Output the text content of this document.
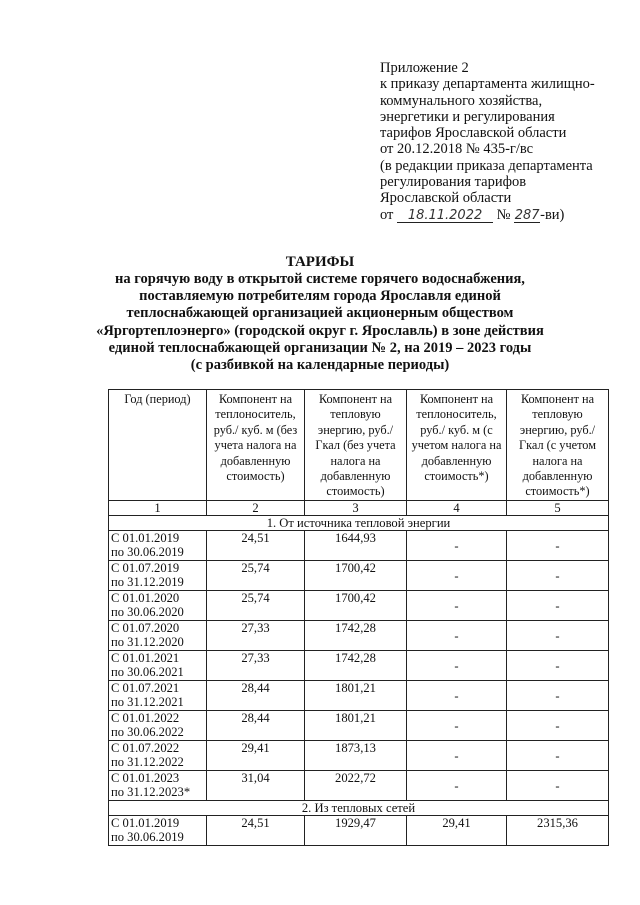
Приложение 2
к приказу департамента жилищно-
коммунального хозяйства,
энергетики и регулирования
тарифов Ярославской области
от 20.12.2018 № 435-г/вс
(в редакции приказа департамента
регулирования тарифов
Ярославской области
от 18.11.2022 № 287-ви)
ТАРИФЫ
на горячую воду в открытой системе горячего водоснабжения,
поставляемую потребителям города Ярославля единой
теплоснабжающей организацией акционерным обществом
«Яргортеплоэнерго» (городской округ г. Ярославль) в зоне действия
единой теплоснабжающей организации № 2, на 2019 – 2023 годы
(с разбивкой на календарные периоды)
Год (период)	Компонент на теплоноситель, руб./ куб. м (без учета налога на добавленную стоимость)	Компонент на тепловую энергию, руб./Гкал (без учета налога на добавленную стоимость)	Компонент на теплоноситель, руб./ куб. м (с учетом налога на добавленную стоимость*)	Компонент на тепловую энергию, руб./Гкал (с учетом налога на добавленную стоимость*)
1	2	3	4	5
1. От источника тепловой энергии				

С 01.01.2019
по 30.06.2019	24,51	1644,93	-	-

С 01.07.2019
по 31.12.2019	25,74	1700,42	-	-

С 01.01.2020
по 30.06.2020	25,74	1700,42	-	-

С 01.07.2020
по 31.12.2020	27,33	1742,28	-	-

С 01.01.2021
по 30.06.2021	27,33	1742,28	-	-

С 01.07.2021
по 31.12.2021	28,44	1801,21	-	-

С 01.01.2022
по 30.06.2022	28,44	1801,21	-	-

С 01.07.2022
по 31.12.2022	29,41	1873,13	-	-

С 01.01.2023
по 31.12.2023*	31,04	2022,72	-	-
2. Из тепловых сетей				

С 01.01.2019
по 30.06.2019	24,51	1929,47	29,41	2315,36
